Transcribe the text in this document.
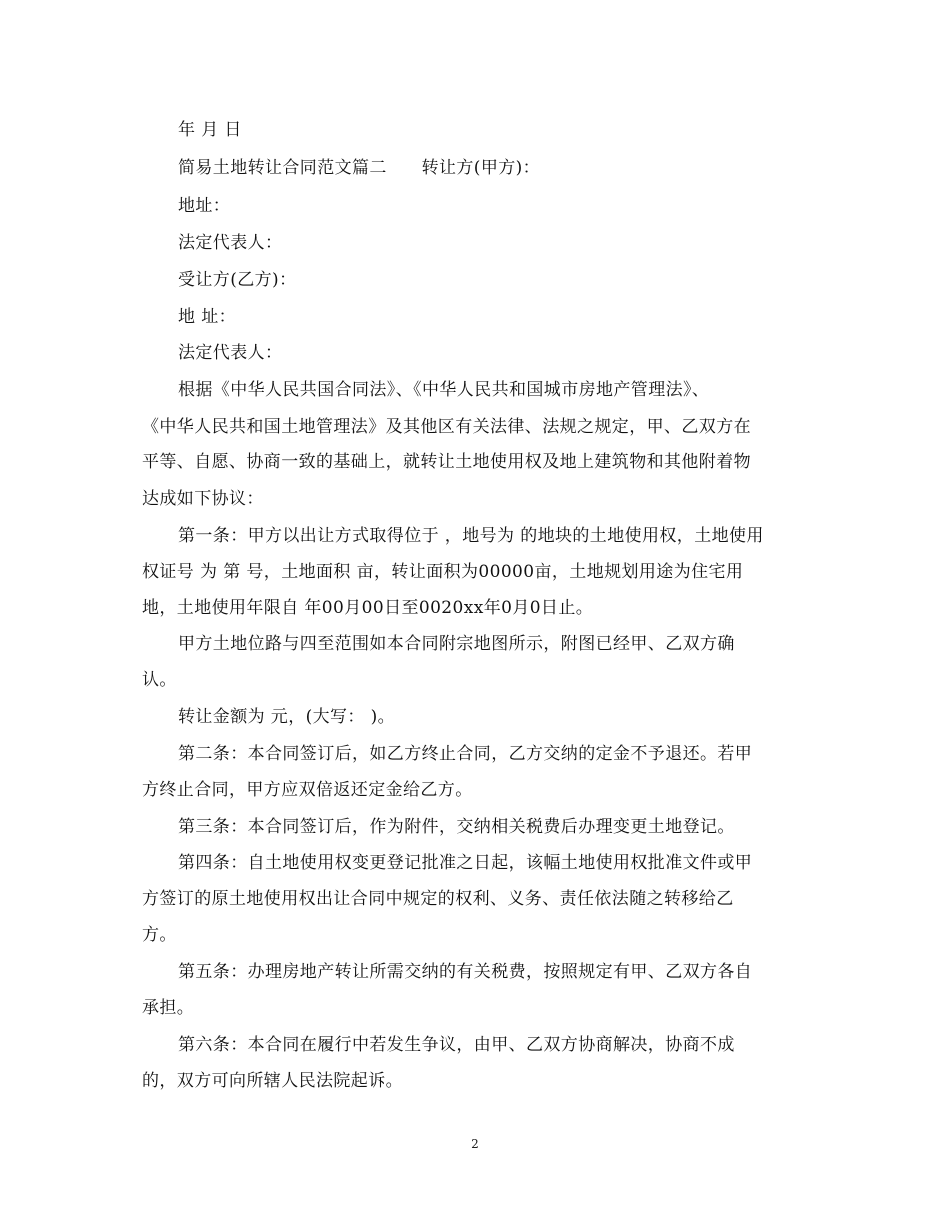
年 月 日
简易土地转让合同范文篇二　　转让方(甲方)：
地址：
法定代表人：
受让方(乙方)：
地 址：
法定代表人：
根据《中华人民共国合同法》、《中华人民共和国城市房地产管理法》、
《中华人民共和国土地管理法》及其他区有关法律、法规之规定，甲、乙双方在
平等、自愿、协商一致的基础上，就转让土地使用权及地上建筑物和其他附着物
达成如下协议：
第一条：甲方以出让方式取得位于 ，地号为 的地块的土地使用权，土地使用
权证号 为 第 号，土地面积 亩，转让面积为00000亩，土地规划用途为住宅用
地，土地使用年限自 年00月00日至0020xx年0月0日止。
甲方土地位路与四至范围如本合同附宗地图所示，附图已经甲、乙双方确
认。
转让金额为 元，(大写： )。
第二条：本合同签订后，如乙方终止合同，乙方交纳的定金不予退还。若甲
方终止合同，甲方应双倍返还定金给乙方。
第三条：本合同签订后，作为附件，交纳相关税费后办理变更土地登记。
第四条：自土地使用权变更登记批准之日起，该幅土地使用权批准文件或甲
方签订的原土地使用权出让合同中规定的权利、义务、责任依法随之转移给乙
方。
第五条：办理房地产转让所需交纳的有关税费，按照规定有甲、乙双方各自
承担。
第六条：本合同在履行中若发生争议，由甲、乙双方协商解决，协商不成
的，双方可向所辖人民法院起诉。
2
